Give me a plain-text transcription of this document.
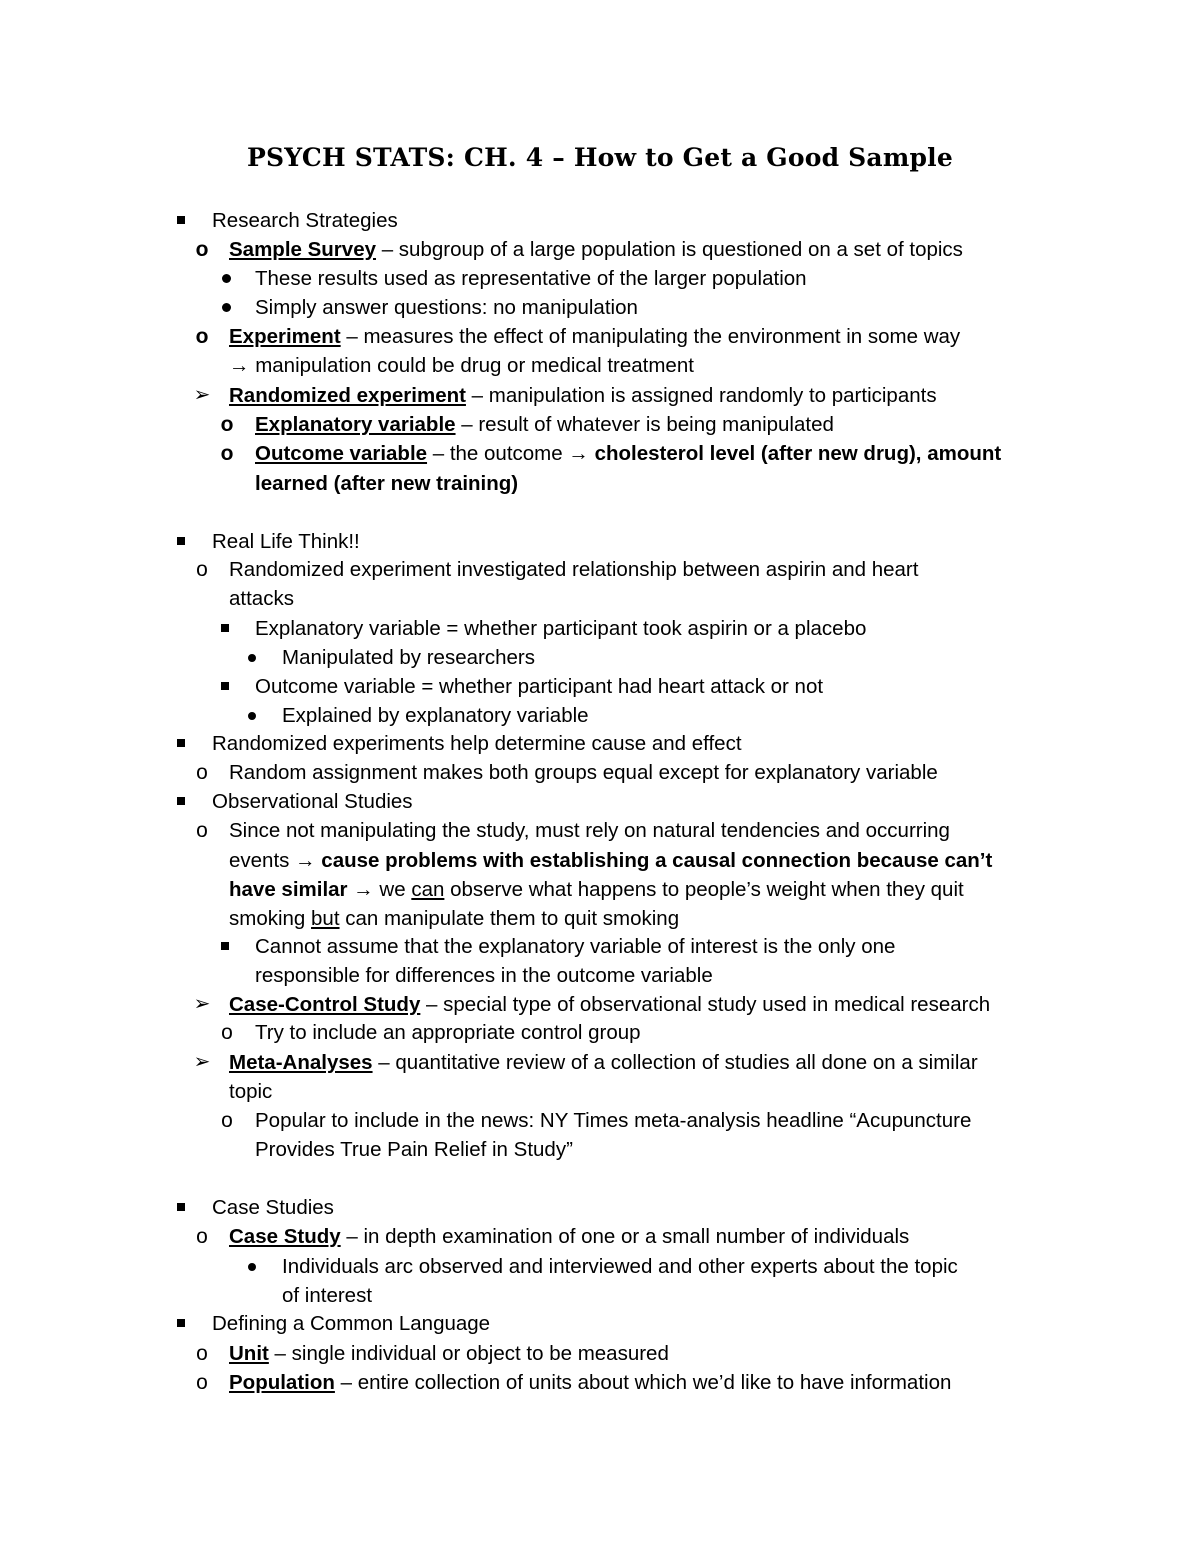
PSYCH STATS: CH. 4 – How to Get a Good Sample
Research Strategies
o Sample Survey – subgroup of a large population is questioned on a set of topics
These results used as representative of the larger population
Simply answer questions: no manipulation
o Experiment – measures the effect of manipulating the environment in some way
→ manipulation could be drug or medical treatment
➢ Randomized experiment – manipulation is assigned randomly to participants
o Explanatory variable – result of whatever is being manipulated
o Outcome variable – the outcome → cholesterol level (after new drug), amount
learned (after new training)
Real Life Think!!
o Randomized experiment investigated relationship between aspirin and heart
attacks
Explanatory variable = whether participant took aspirin or a placebo
Manipulated by researchers
Outcome variable = whether participant had heart attack or not
Explained by explanatory variable
Randomized experiments help determine cause and effect
o Random assignment makes both groups equal except for explanatory variable
Observational Studies
o Since not manipulating the study, must rely on natural tendencies and occurring
events → cause problems with establishing a causal connection because can’t
have similar → we can observe what happens to people’s weight when they quit
smoking but can manipulate them to quit smoking
Cannot assume that the explanatory variable of interest is the only one
responsible for differences in the outcome variable
➢ Case-Control Study – special type of observational study used in medical research
o Try to include an appropriate control group
➢ Meta-Analyses – quantitative review of a collection of studies all done on a similar
topic
o Popular to include in the news: NY Times meta-analysis headline “Acupuncture
Provides True Pain Relief in Study”
Case Studies
o Case Study – in depth examination of one or a small number of individuals
Individuals arc observed and interviewed and other experts about the topic
of interest
Defining a Common Language
o Unit – single individual or object to be measured
o Population – entire collection of units about which we’d like to have information
